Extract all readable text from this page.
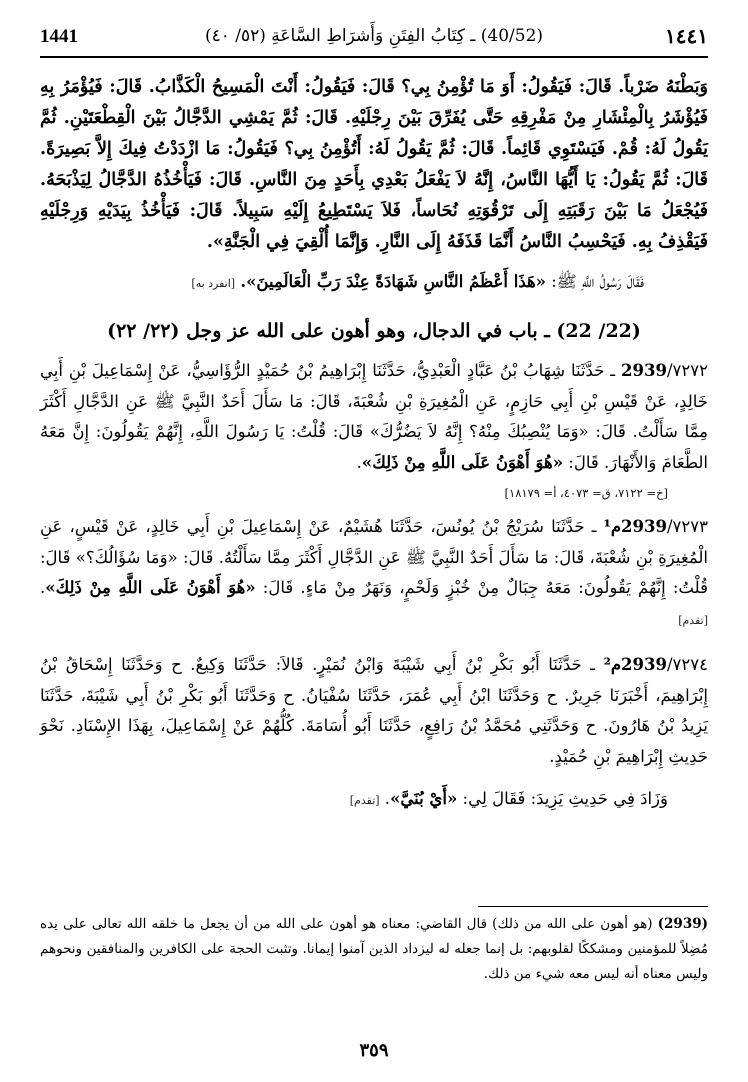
1441	(40/52) ـ كِتَابُ الفِتَنِ وَأَشرَاطِ السَّاعَةِ (٥٢/ ٤٠)	١٤٤١

وَبَطْنَهُ ضَرْباً. قَالَ: فَيَقُولُ: أَوَ مَا تُؤْمِنُ بِي؟ قَالَ: فَيَقُولُ: أَنْتَ الْمَسِيحُ الْكَذَّابُ. قَالَ: فَيُؤْمَرُ بِهِ فَيُؤْشَرُ بِالْمِئْشَارِ مِنْ مَفْرِقِهِ حَتَّى يُفَرِّقَ بَيْنَ رِجْلَيْهِ. قَالَ: ثُمَّ يَمْشِي الدَّجَّالُ بَيْنَ الْقِطْعَتَيْنِ. ثُمَّ يَقُولُ لَهُ: قُمْ. فَيَسْتَوِي قَائِماً. قَالَ: ثُمَّ يَقُولُ لَهُ: أَتُؤْمِنُ بِي؟ فَيَقُولُ: مَا ازْدَدْتُ فِيكَ إِلاَّ بَصِيرَةً. قَالَ: ثُمَّ يَقُولُ: يَا أَيُّهَا النَّاسُ، إِنَّهُ لاَ يَفْعَلُ بَعْدِي بِأَحَدٍ مِنَ النَّاسِ. قَالَ: فَيَأْخُذُهُ الدَّجَّالُ لِيَذْبَحَهُ. فَيُجْعَلُ مَا بَيْنَ رَقَبَتِهِ إِلَى تَرْقُوَتِهِ نُحَاساً، فَلاَ يَسْتَطِيعُ إِلَيْهِ سَبِيلاً. قَالَ: فَيَأْخُذُ بِيَدَيْهِ وَرِجْلَيْهِ فَيَقْذِفُ بِهِ. فَيَحْسِبُ النَّاسُ أَنَّمَا قَذَفَهُ إِلَى النَّارِ. وَإِنَّمَا أُلْقِيَ فِي الْجَنَّةِ».

فَقَالَ رَسُولُ اللَّهِ ﷺ: «هَذَا أَعْظَمُ النَّاسِ شَهَادَةً عِنْدَ رَبِّ الْعَالَمِينَ». [انفرد به]

(22/ 22) ـ باب في الدجال، وهو أهون على الله عز وجل (٢٢/ ٢٢)

٧٢٧٢/2939 ـ حَدَّثَنَا شِهَابُ بْنُ عَبَّادٍ الْعَبْدِيُّ، حَدَّثَنَا إِبْرَاهِيمُ بْنُ حُمَيْدٍ الرُّؤَاسِيُّ، عَنْ إِسْمَاعِيلَ بْنِ أَبِي خَالِدٍ، عَنْ قَيْسِ بْنِ أَبِي حَازِمٍ، عَنِ الْمُغِيرَةِ بْنِ شُعْبَةَ، قَالَ: مَا سَأَلَ أَحَدٌ النَّبِيَّ ﷺ عَنِ الدَّجَّالِ أَكْثَرَ مِمَّا سَأَلْتُ. قَالَ: «وَمَا يُنْصِبُكَ مِنْهُ؟ إِنَّهُ لاَ يَضُرُّكَ» قَالَ: قُلْتُ: يَا رَسُولَ اللَّهِ، إِنَّهُمْ يَقُولُونَ: إِنَّ مَعَهُ الطَّعَامَ وَالأَنْهَارَ. قَالَ: «هُوَ أَهْوَنُ عَلَى اللَّهِ مِنْ ذَلِكَ».

[خ= ٧١٢٢، ق= ٤٠٧٣، أ= ١٨١٧٩]

٧٢٧٣/2939م¹ ـ حَدَّثَنَا سُرَيْجُ بْنُ يُونُسَ، حَدَّثَنَا هُشَيْمٌ، عَنْ إِسْمَاعِيلَ بْنِ أَبِي خَالِدٍ، عَنْ قَيْسٍ، عَنِ الْمُغِيرَةِ بْنِ شُعْبَةَ، قَالَ: مَا سَأَلَ أَحَدٌ النَّبِيَّ ﷺ عَنِ الدَّجَّالِ أَكْثَرَ مِمَّا سَأَلْتُهُ. قَالَ: «وَمَا سُؤَالُكَ؟» قَالَ: قُلْتُ: إِنَّهُمْ يَقُولُونَ: مَعَهُ جِبَالٌ مِنْ خُبْزٍ وَلَحْمٍ، وَنَهَرٌ مِنْ مَاءٍ. قَالَ: «هُوَ أَهْوَنُ عَلَى اللَّهِ مِنْ ذَلِكَ». [تقدم]

٧٢٧٤/2939م² ـ حَدَّثَنَا أَبُو بَكْرِ بْنُ أَبِي شَيْبَةَ وَابْنُ نُمَيْرٍ. قَالاَ: حَدَّثَنَا وَكِيعٌ. ح وَحَدَّثَنَا إِسْحَاقُ بْنُ إِبْرَاهِيمَ، أَخْبَرَنَا جَرِيرٌ. ح وَحَدَّثَنَا ابْنُ أَبِي عُمَرَ، حَدَّثَنَا سُفْيَانُ. ح وَحَدَّثَنَا أَبُو بَكْرِ بْنُ أَبِي شَيْبَةَ، حَدَّثَنَا يَزِيدُ بْنُ هَارُونَ. ح وَحَدَّثَنِي مُحَمَّدُ بْنُ رَافِعٍ، حَدَّثَنَا أَبُو أُسَامَةَ. كُلُّهُمْ عَنْ إِسْمَاعِيلَ، بِهَذَا الإِسْنَادِ. نَحْوَ حَدِيثِ إِبْرَاهِيمَ بْنِ حُمَيْدٍ.

وَزَادَ فِي حَدِيثِ يَزِيدَ: فَقَالَ لِي: «أَيْ بُنَيَّ». [تقدم]

(2939) (هو أهون على الله من ذلك) قال القاضي: معناه هو أهون على الله من أن يجعل ما خلقه الله تعالى على يده مُضِلاً للمؤمنين ومشككًا لقلوبهم: بل إنما جعله له ليزداد الذين آمنوا إيمانا. وتثبت الحجة على الكافرين والمنافقين ونحوهم وليس معناه أنه ليس معه شيء من ذلك.
٣٥٩
